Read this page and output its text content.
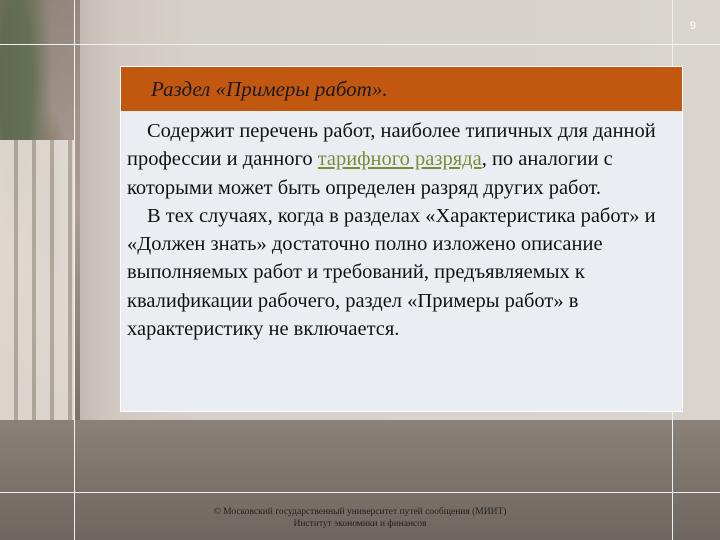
9
Раздел «Примеры работ».

Содержит перечень работ, наиболее типичных для данной профессии и данного тарифного разряда, по аналогии с которыми может быть определен разряд других работ.

В тех случаях, когда в разделах «Характеристика работ» и «Должен знать» достаточно полно изложено описание выполняемых работ и требований, предъявляемых к квалификации рабочего, раздел «Примеры работ» в характеристику не включается.

© Московский государственный университет путей сообщения (МИИТ)
Институт экономики и финансов
